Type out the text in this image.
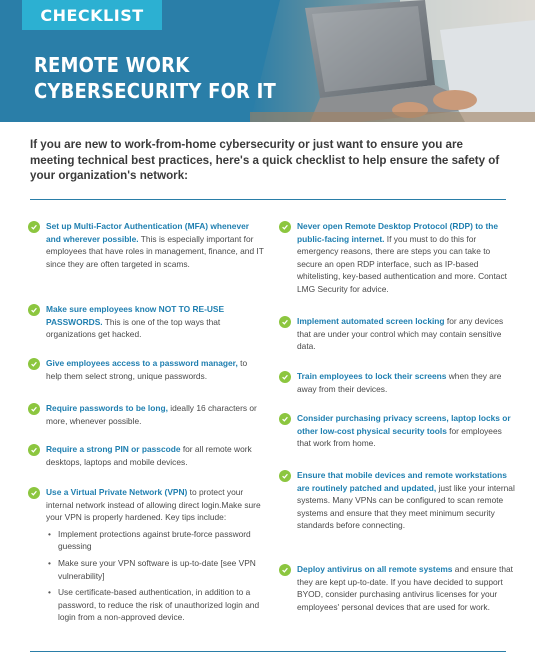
CHECKLIST
REMOTE WORK
CYBERSECURITY FOR IT

If you are new to work-from-home cybersecurity or just want to ensure you are meeting technical best practices, here's a quick checklist to help ensure the safety of your organization's network:

Set up Multi-Factor Authentication (MFA) whenever and wherever possible. This is especially important for employees that have roles in management, finance, and IT since they are often targeted in scams.
Make sure employees know NOT TO RE-USE PASSWORDS. This is one of the top ways that organizations get hacked.
Give employees access to a password manager, to help them select strong, unique passwords.
Require passwords to be long, ideally 16 characters or more, whenever possible.
Require a strong PIN or passcode for all remote work desktops, laptops and mobile devices.
Use a Virtual Private Network (VPN) to protect your internal network instead of allowing direct login.Make sure your VPN is properly hardened. Key tips include:
• Implement protections against brute-force password guessing
• Make sure your VPN software is up-to-date [see VPN vulnerability]
• Use certificate-based authentication, in addition to a password, to reduce the risk of unauthorized login and login from a non-approved device.
Never open Remote Desktop Protocol (RDP) to the public-facing internet. If you must to do this for emergency reasons, there are steps you can take to secure an open RDP interface, such as IP-based whitelisting, key-based authentication and more. Contact LMG Security for advice.
Implement automated screen locking for any devices that are under your control which may contain sensitive data.
Train employees to lock their screens when they are away from their devices.
Consider purchasing privacy screens, laptop locks or other low-cost physical security tools for employees that work from home.
Ensure that mobile devices and remote workstations are routinely patched and updated, just like your internal systems. Many VPNs can be configured to scan remote systems and ensure that they meet minimum security standards before connecting.
Deploy antivirus on all remote systems and ensure that they are kept up-to-date. If you have decided to support BYOD, consider purchasing antivirus licenses for your employees' personal devices that are used for work.
